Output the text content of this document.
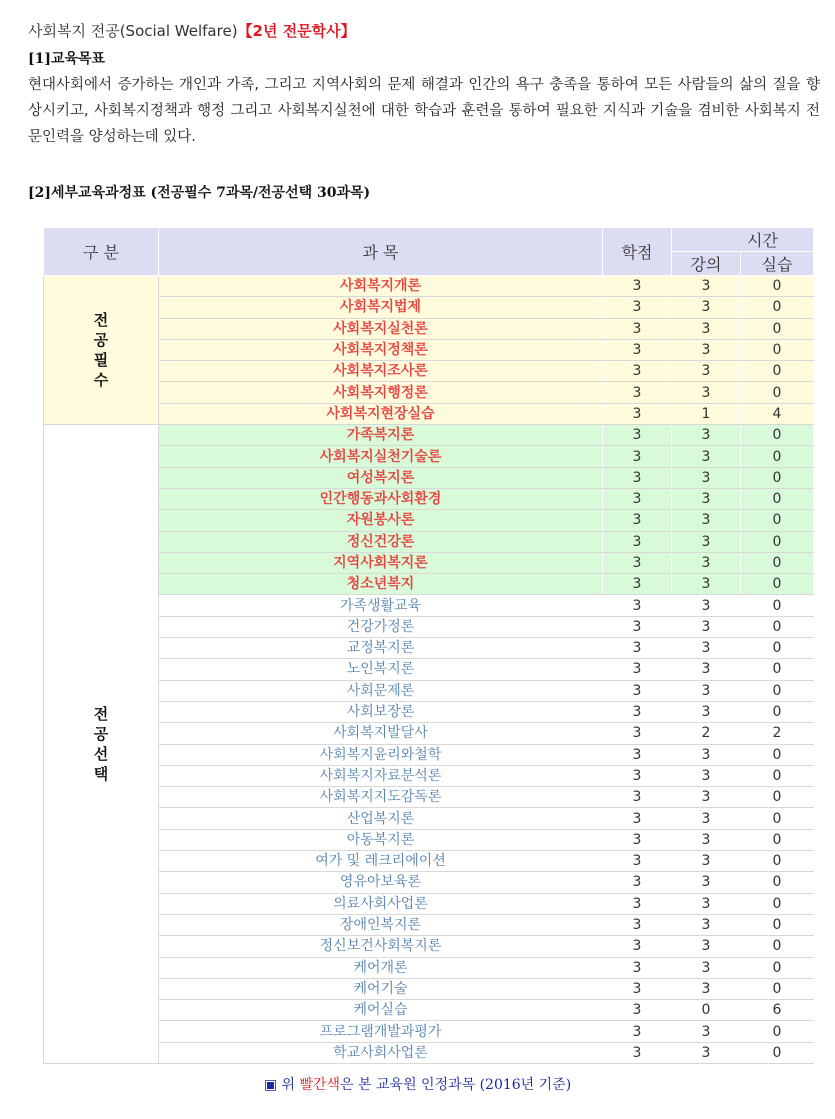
사회복지 전공(Social Welfare)【2년 전문학사】
[1]교육목표
현대사회에서 증가하는 개인과 가족, 그리고 지역사회의 문제 해결과 인간의 욕구 충족을 통하여 모든 사람들의 삶의 질을 향상시키고, 사회복지정책과 행정 그리고 사회복지실천에 대한 학습과 훈련을 통하여 필요한 지식과 기술을 겸비한 사회복지 전문인력을 양성하는데 있다.
[2]세부교육과정표 (전공필수 7과목/전공선택 30과목)
구 분	과 목	학점	시간	
			강의	실습

전
공
필
수	사회복지개론	3	3	0
	사회복지법제	3	3	0
	사회복지실천론	3	3	0
	사회복지정책론	3	3	0
	사회복지조사론	3	3	0
	사회복지행정론	3	3	0
	사회복지현장실습	3	1	4

전
공
선
택	가족복지론	3	3	0
	사회복지실천기술론	3	3	0
	여성복지론	3	3	0
	인간행동과사회환경	3	3	0
	자원봉사론	3	3	0
	정신건강론	3	3	0
	지역사회복지론	3	3	0
	청소년복지	3	3	0
	가족생활교육	3	3	0
	건강가정론	3	3	0
	교정복지론	3	3	0
	노인복지론	3	3	0
	사회문제론	3	3	0
	사회보장론	3	3	0
	사회복지발달사	3	2	2
	사회복지윤리와철학	3	3	0
	사회복지자료분석론	3	3	0
	사회복지지도감독론	3	3	0
	산업복지론	3	3	0
	아동복지론	3	3	0
	여가 및 레크리에이션	3	3	0
	영유아보육론	3	3	0
	의료사회사업론	3	3	0
	장애인복지론	3	3	0
	정신보건사회복지론	3	3	0
	케어개론	3	3	0
	케어기술	3	3	0
	케어실습	3	0	6
	프로그램개발과평가	3	3	0
	학교사회사업론	3	3	0
▣ 위 빨간색은 본 교육원 인정과목 (2016년 기준)
